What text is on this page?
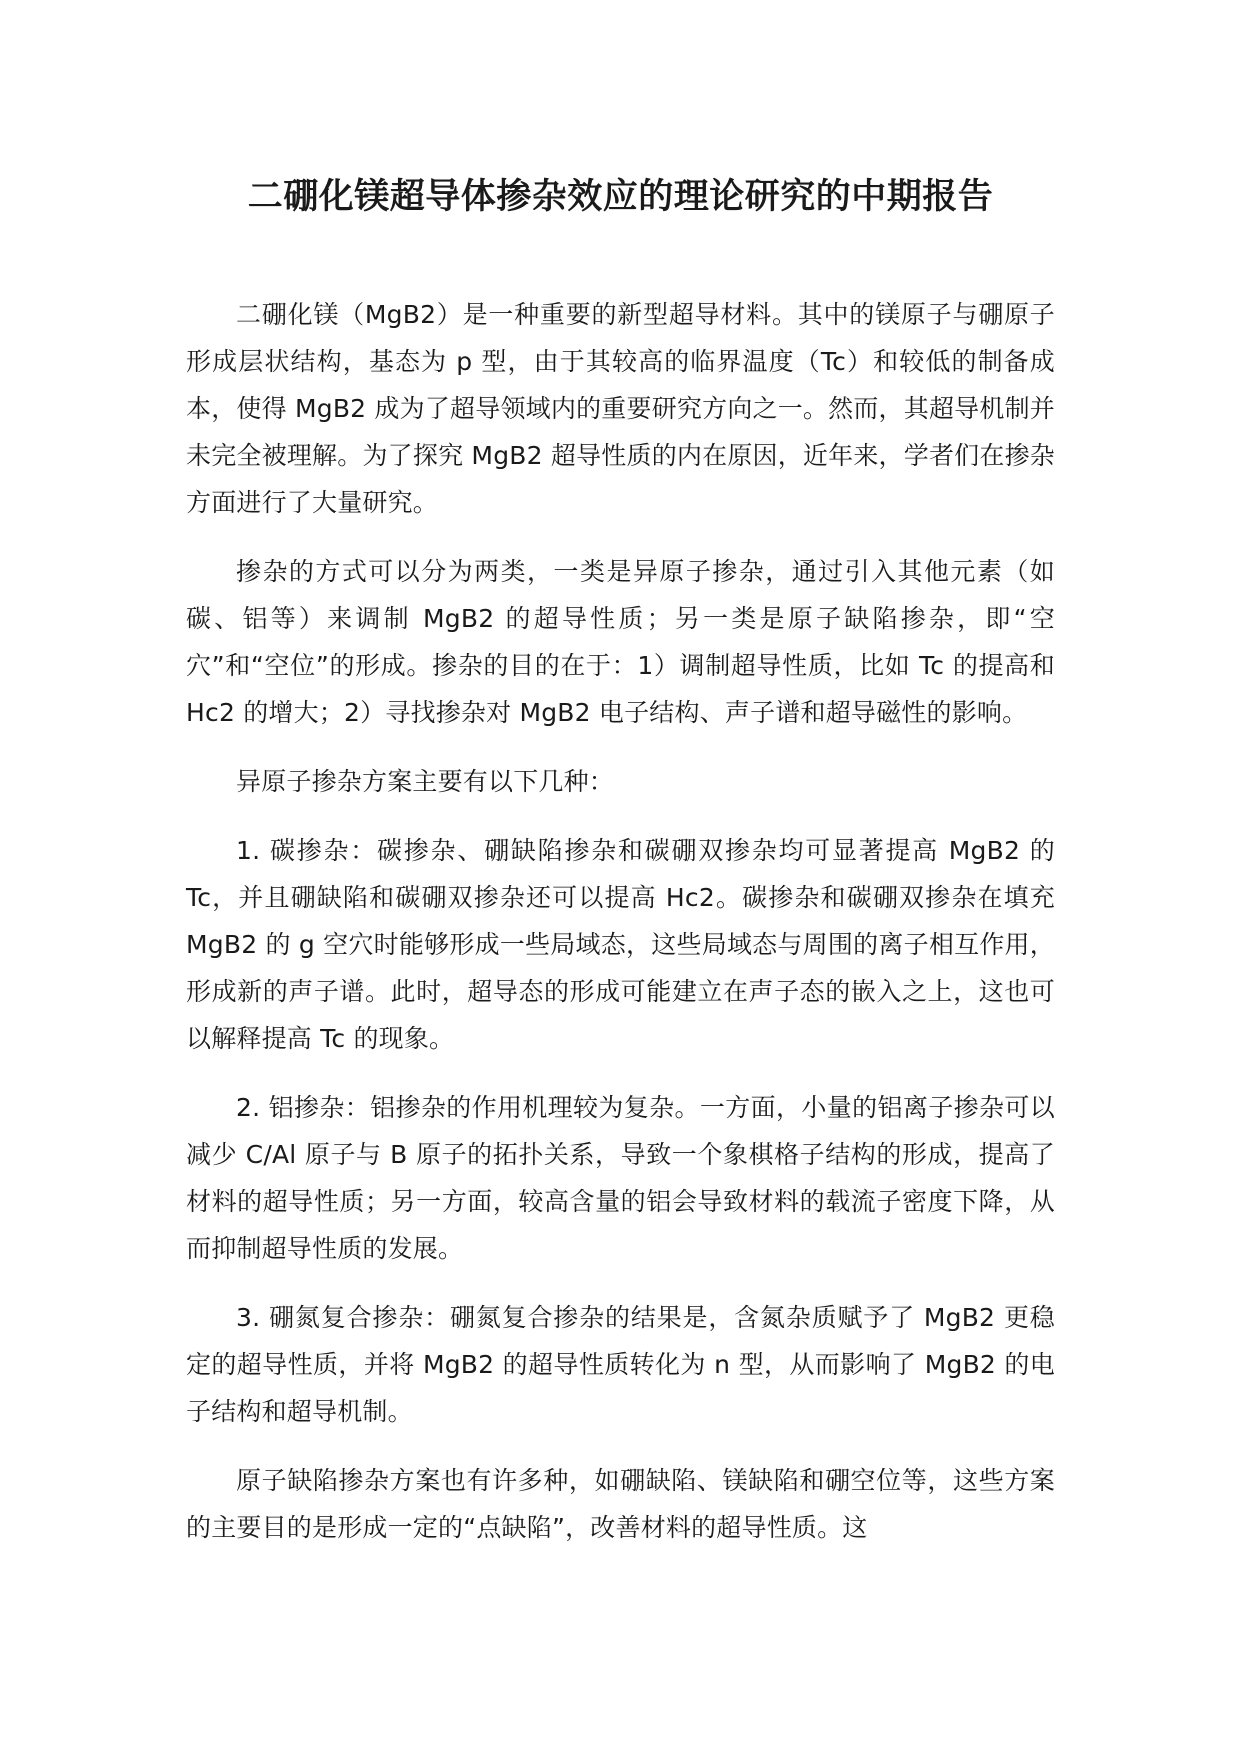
二硼化镁超导体掺杂效应的理论研究的中期报告

二硼化镁（MgB2）是一种重要的新型超导材料。其中的镁原子与硼原子形成层状结构，基态为 p 型，由于其较高的临界温度（Tc）和较低的制备成本，使得 MgB2 成为了超导领域内的重要研究方向之一。然而，其超导机制并未完全被理解。为了探究 MgB2 超导性质的内在原因，近年来，学者们在掺杂方面进行了大量研究。

掺杂的方式可以分为两类，一类是异原子掺杂，通过引入其他元素（如碳、铝等）来调制 MgB2 的超导性质；另一类是原子缺陷掺杂，即“空穴”和“空位”的形成。掺杂的目的在于：1）调制超导性质，比如 Tc 的提高和 Hc2 的增大；2）寻找掺杂对 MgB2 电子结构、声子谱和超导磁性的影响。

异原子掺杂方案主要有以下几种：

1. 碳掺杂：碳掺杂、硼缺陷掺杂和碳硼双掺杂均可显著提高 MgB2 的 Tc，并且硼缺陷和碳硼双掺杂还可以提高 Hc2。碳掺杂和碳硼双掺杂在填充 MgB2 的 g 空穴时能够形成一些局域态，这些局域态与周围的离子相互作用，形成新的声子谱。此时，超导态的形成可能建立在声子态的嵌入之上，这也可以解释提高 Tc 的现象。

2. 铝掺杂：铝掺杂的作用机理较为复杂。一方面，小量的铝离子掺杂可以减少 C/Al 原子与 B 原子的拓扑关系，导致一个象棋格子结构的形成，提高了材料的超导性质；另一方面，较高含量的铝会导致材料的载流子密度下降，从而抑制超导性质的发展。

3. 硼氮复合掺杂：硼氮复合掺杂的结果是，含氮杂质赋予了 MgB2 更稳定的超导性质，并将 MgB2 的超导性质转化为 n 型，从而影响了 MgB2 的电子结构和超导机制。

原子缺陷掺杂方案也有许多种，如硼缺陷、镁缺陷和硼空位等，这些方案的主要目的是形成一定的“点缺陷”，改善材料的超导性质。这
